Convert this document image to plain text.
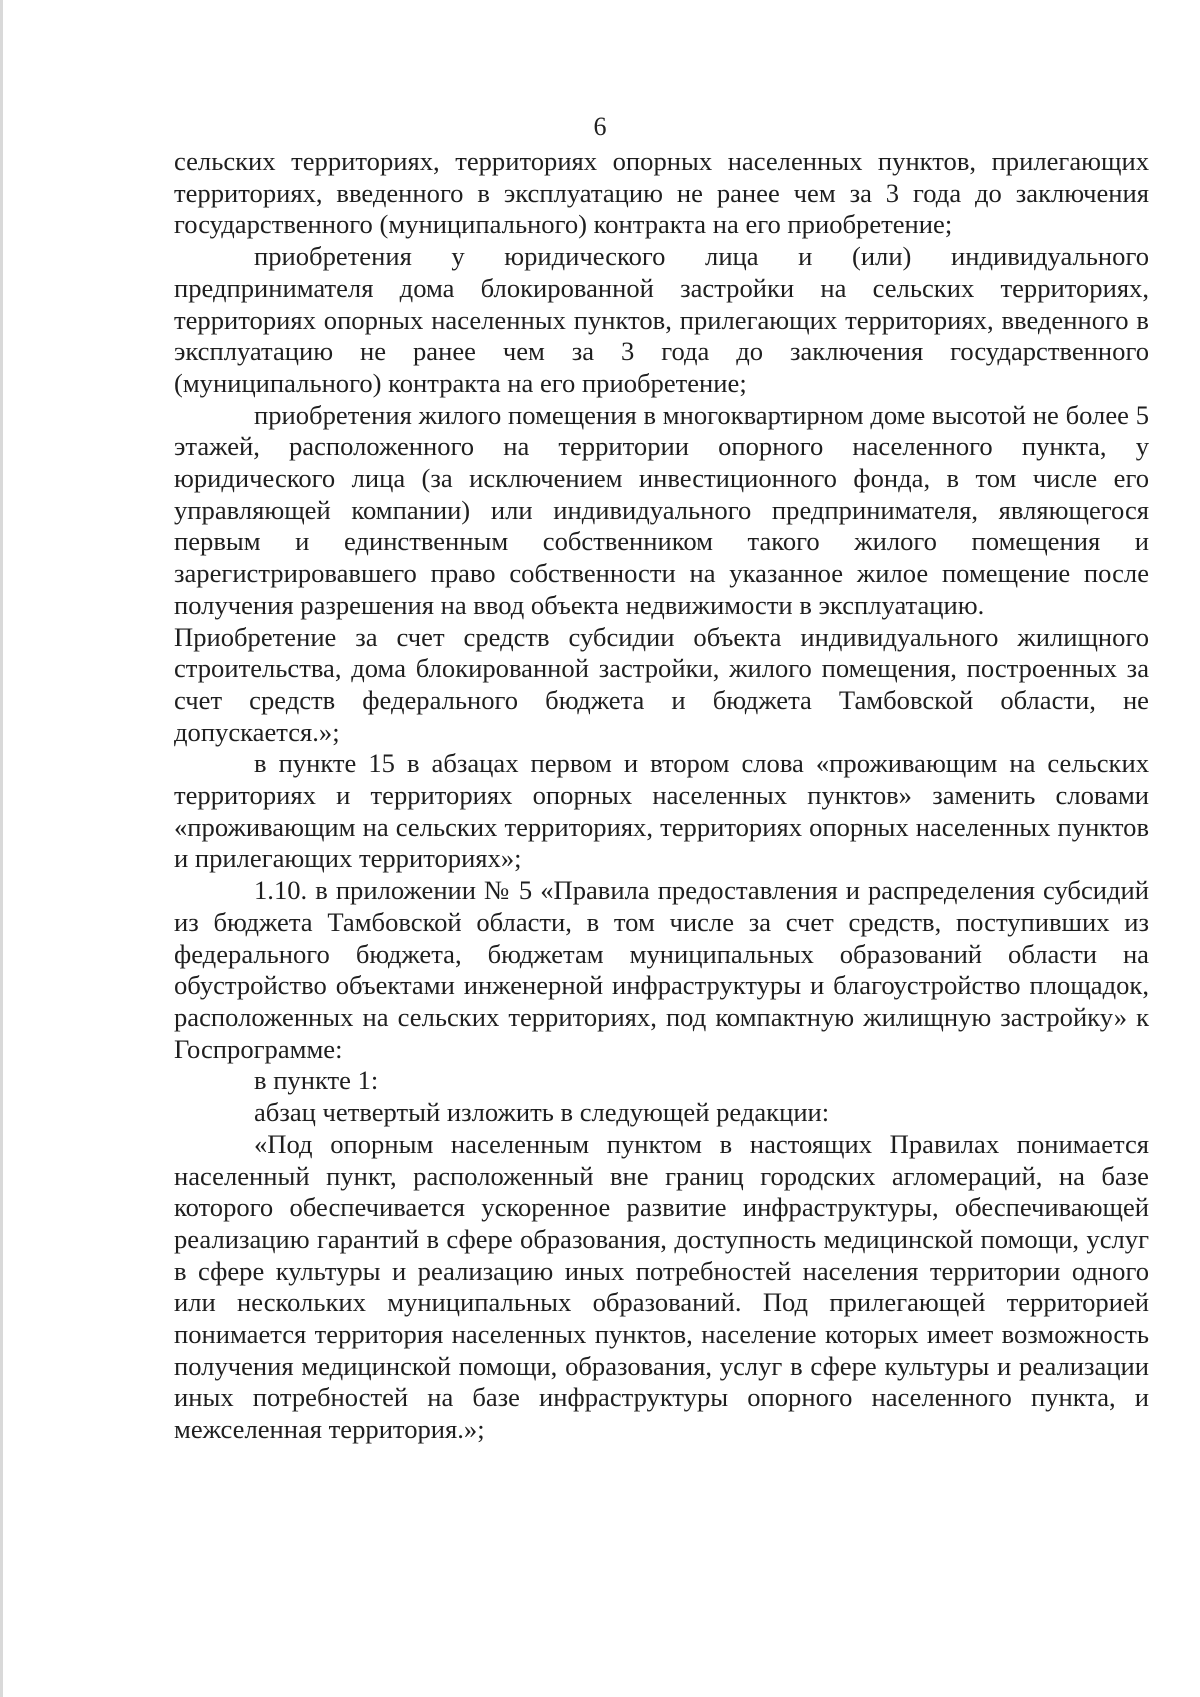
6

сельских территориях, территориях опорных населенных пунктов, прилегающих территориях, введенного в эксплуатацию не ранее чем за 3 года до заключения государственного (муниципального) контракта на его приобретение;

приобретения у юридического лица и (или) индивидуального предпринимателя дома блокированной застройки на сельских территориях, территориях опорных населенных пунктов, прилегающих территориях, введенного в эксплуатацию не ранее чем за 3 года до заключения государственного (муниципального) контракта на его приобретение;

приобретения жилого помещения в многоквартирном доме высотой не более 5 этажей, расположенного на территории опорного населенного пункта, у юридического лица (за исключением инвестиционного фонда, в том числе его управляющей компании) или индивидуального предпринимателя, являющегося первым и единственным собственником такого жилого помещения и зарегистрировавшего право собственности на указанное жилое помещение после получения разрешения на ввод объекта недвижимости в эксплуатацию.

Приобретение за счет средств субсидии объекта индивидуального жилищного строительства, дома блокированной застройки, жилого помещения, построенных за счет средств федерального бюджета и бюджета Тамбовской области, не допускается.»;

в пункте 15 в абзацах первом и втором слова «проживающим на сельских территориях и территориях опорных населенных пунктов» заменить словами «проживающим на сельских территориях, территориях опорных населенных пунктов и прилегающих территориях»;

1.10. в приложении № 5 «Правила предоставления и распределения субсидий из бюджета Тамбовской области, в том числе за счет средств, поступивших из федерального бюджета, бюджетам муниципальных образований области на обустройство объектами инженерной инфраструктуры и благоустройство площадок, расположенных на сельских территориях, под компактную жилищную застройку» к Госпрограмме:

в пункте 1:

абзац четвертый изложить в следующей редакции:

«Под опорным населенным пунктом в настоящих Правилах понимается населенный пункт, расположенный вне границ городских агломераций, на базе которого обеспечивается ускоренное развитие инфраструктуры, обеспечивающей реализацию гарантий в сфере образования, доступность медицинской помощи, услуг в сфере культуры и реализацию иных потребностей населения территории одного или нескольких муниципальных образований. Под прилегающей территорией понимается территория населенных пунктов, население которых имеет возможность получения медицинской помощи, образования, услуг в сфере культуры и реализации иных потребностей на базе инфраструктуры опорного населенного пункта, и межселенная территория.»;
